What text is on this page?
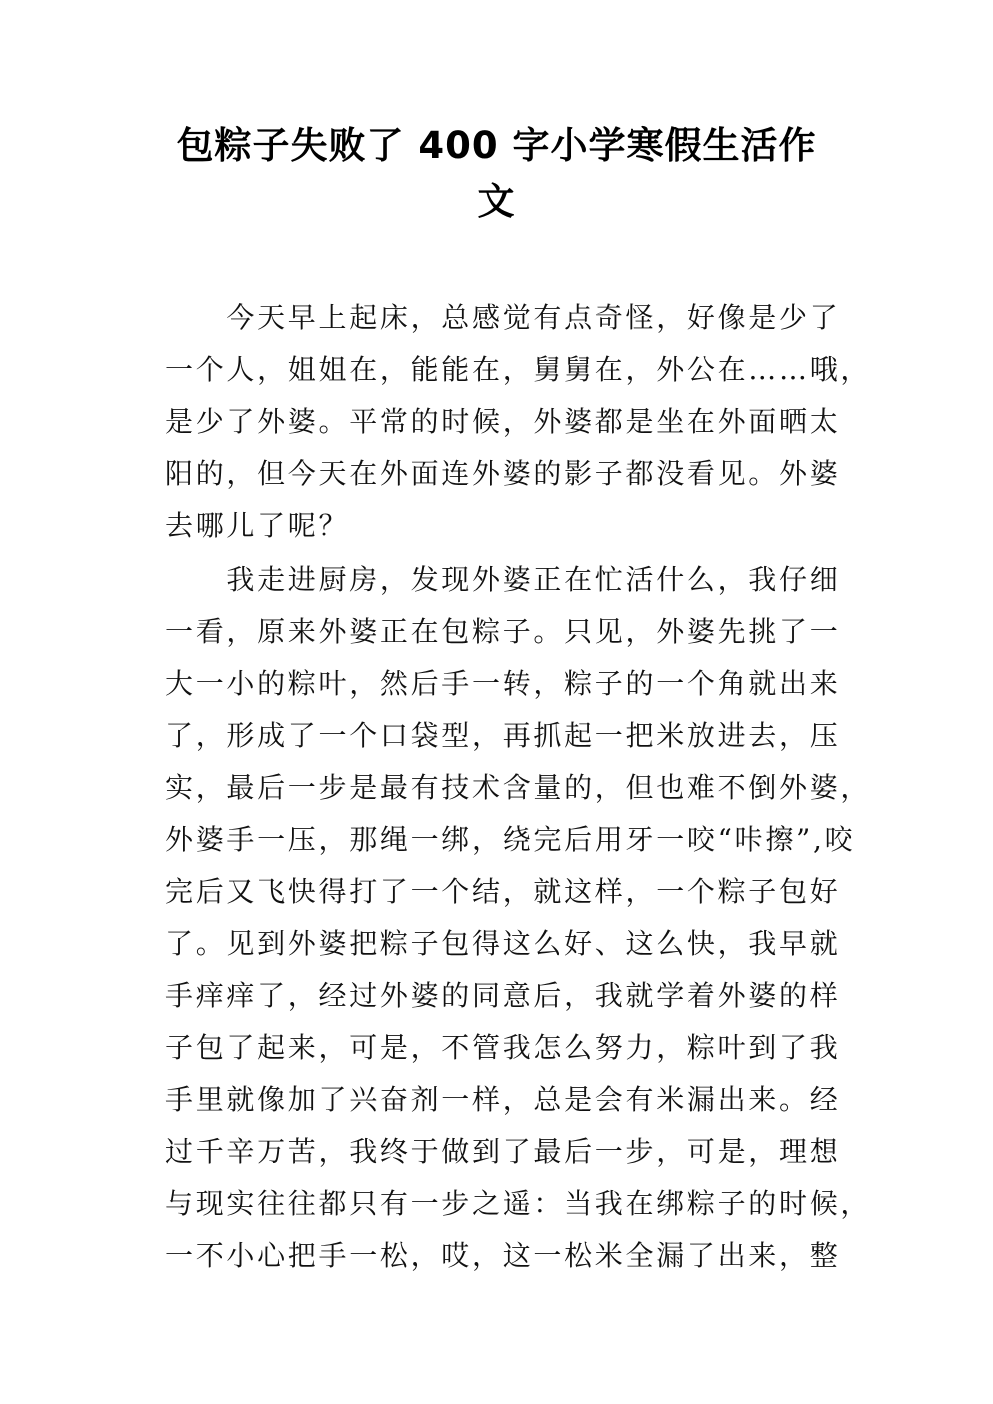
包粽子失败了 400 字小学寒假生活作
文
　　今天早上起床，总感觉有点奇怪，好像是少了
一个人，姐姐在，能能在，舅舅在，外公在……哦，
是少了外婆。平常的时候，外婆都是坐在外面晒太
阳的，但今天在外面连外婆的影子都没看见。外婆
去哪儿了呢？
　　我走进厨房，发现外婆正在忙活什么，我仔细
一看，原来外婆正在包粽子。只见，外婆先挑了一
大一小的粽叶，然后手一转，粽子的一个角就出来
了，形成了一个口袋型，再抓起一把米放进去，压
实，最后一步是最有技术含量的，但也难不倒外婆，
外婆手一压，那绳一绑，绕完后用牙一咬“咔擦”,咬
完后又飞快得打了一个结，就这样，一个粽子包好
了。见到外婆把粽子包得这么好、这么快，我早就
手痒痒了，经过外婆的同意后，我就学着外婆的样
子包了起来，可是，不管我怎么努力，粽叶到了我
手里就像加了兴奋剂一样，总是会有米漏出来。经
过千辛万苦，我终于做到了最后一步，可是，理想
与现实往往都只有一步之遥：当我在绑粽子的时候，
一不小心把手一松，哎，这一松米全漏了出来，整
